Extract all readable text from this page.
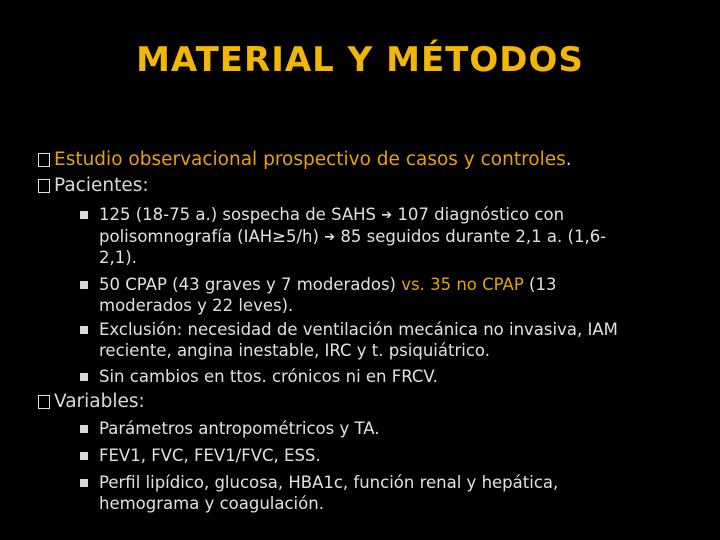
MATERIAL Y MÉTODOS
Estudio observacional prospectivo de casos y controles.
Pacientes:
125 (18-75 a.) sospecha de SAHS ➔ 107 diagnóstico con polisomnografía (IAH≥5/h) ➔ 85 seguidos durante 2,1 a. (1,6-2,1).
50 CPAP (43 graves y 7 moderados) vs. 35 no CPAP (13 moderados y 22 leves).
Exclusión: necesidad de ventilación mecánica no invasiva, IAM reciente, angina inestable, IRC y t. psiquiátrico.
Sin cambios en ttos. crónicos ni en FRCV.
Variables:
Parámetros antropométricos y TA.
FEV1, FVC, FEV1/FVC, ESS.
Perfil lipídico, glucosa, HBA1c, función renal y hepática, hemograma y coagulación.
